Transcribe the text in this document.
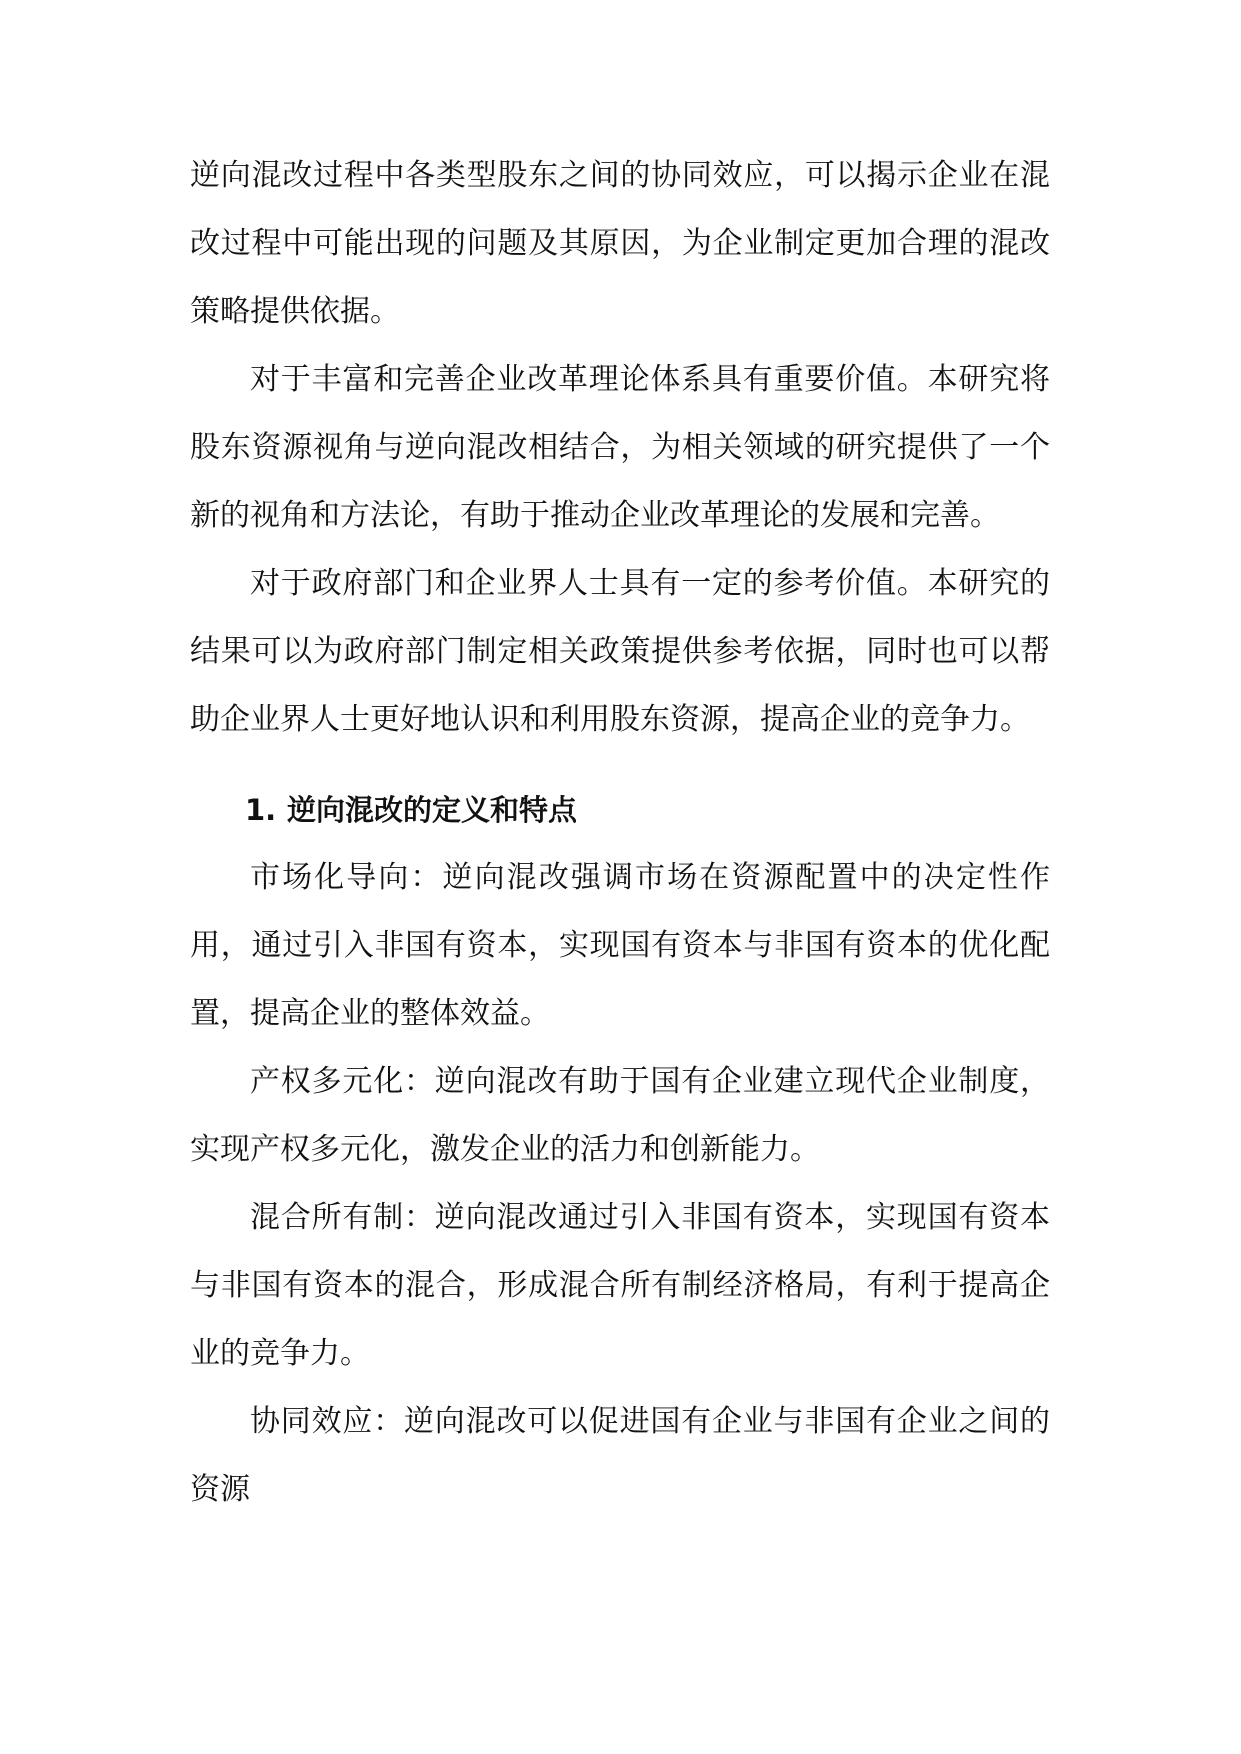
逆向混改过程中各类型股东之间的协同效应，可以揭示企业在混改过程中可能出现的问题及其原因，为企业制定更加合理的混改策略提供依据。

对于丰富和完善企业改革理论体系具有重要价值。本研究将股东资源视角与逆向混改相结合，为相关领域的研究提供了一个新的视角和方法论，有助于推动企业改革理论的发展和完善。

对于政府部门和企业界人士具有一定的参考价值。本研究的结果可以为政府部门制定相关政策提供参考依据，同时也可以帮助企业界人士更好地认识和利用股东资源，提高企业的竞争力。

1. 逆向混改的定义和特点

市场化导向：逆向混改强调市场在资源配置中的决定性作用，通过引入非国有资本，实现国有资本与非国有资本的优化配置，提高企业的整体效益。

产权多元化：逆向混改有助于国有企业建立现代企业制度，实现产权多元化，激发企业的活力和创新能力。

混合所有制：逆向混改通过引入非国有资本，实现国有资本与非国有资本的混合，形成混合所有制经济格局，有利于提高企业的竞争力。

协同效应：逆向混改可以促进国有企业与非国有企业之间的资源
